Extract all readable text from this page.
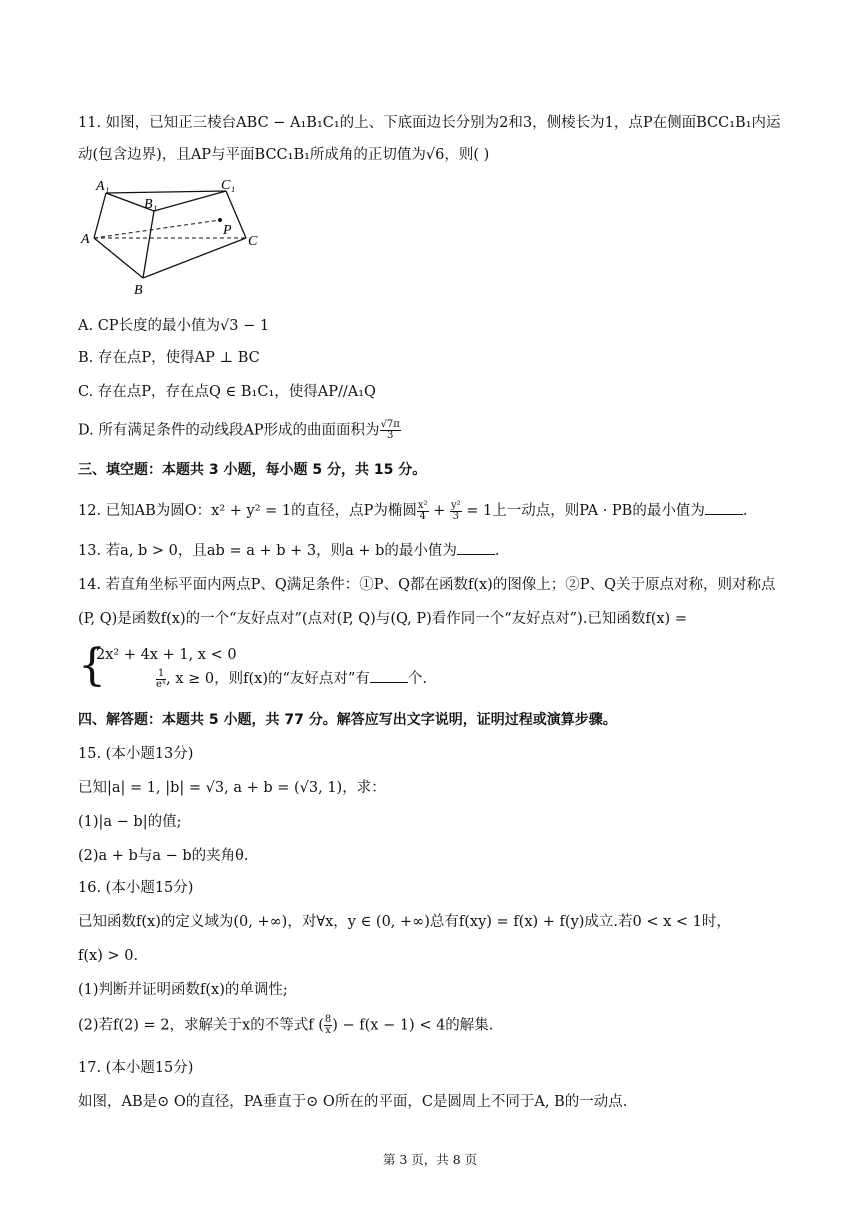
11. 如图，已知正三棱台ABC − A₁B₁C₁的上、下底面边长分别为2和3，侧棱长为1，点P在侧面BCC₁B₁内运
动(包含边界)，且AP与平面BCC₁B₁所成角的正切值为√6，则( )
A₁	C₁
B₁
A
P
C
B
A. CP长度的最小值为√3 − 1
B. 存在点P，使得AP ⊥ BC
C. 存在点P，存在点Q ∈ B₁C₁，使得AP//A₁Q
D. 所有满足条件的动线段AP形成的曲面面积为 $\frac{√7\pi}{3}$
三、填空题：本题共 3 小题，每小题 5 分，共 15 分。
12. 已知AB为圆O：x² + y² = 1的直径，点P为椭圆 $\frac{\text{x²}}{4} + \frac{\text{y²}}{3} = 1$上一动点，则PA · PB的最小值为	.
13. 若a, b > 0，且ab = a + b + 3，则a + b的最小值为	.
14. 若直角坐标平面内两点P、Q满足条件：①P、Q都在函数f(x)的图像上；②P、Q关于原点对称，则对称点
(P, Q)是函数f(x)的一个“友好点对”(点对(P, Q)与(Q, P)看作同一个“友好点对”).已知函数f(x) =
{
2x² + 4x + 1, x < 0
$\frac{1}{\text{eˣ}}$ , x ≥ 0，则f(x)的“友好点对”有	个.
四、解答题：本题共 5 小题，共 77 分。解答应写出文字说明，证明过程或演算步骤。
15. (本小题13分)
已知|a| = 1, |b| = √3, a + b = (√3, 1)，求：
(1)|a − b|的值;
(2)a + b与a − b的夹角θ.
16. (本小题15分)
已知函数f(x)的定义域为(0, +∞)，对∀x，y ∈ (0, +∞)总有f(xy) = f(x) + f(y)成立.若0 < x < 1时，
f(x) > 0.
(1)判断并证明函数f(x)的单调性;
(2)若f(2) = 2，求解关于x的不等式f ( $\frac{8}{x}$ ) − f(x − 1) < 4的解集.
17. (本小题15分)
如图，AB是⊙ O的直径，PA垂直于⊙ O所在的平面，C是圆周上不同于A, B的一动点.
第 3 页，共 8 页
